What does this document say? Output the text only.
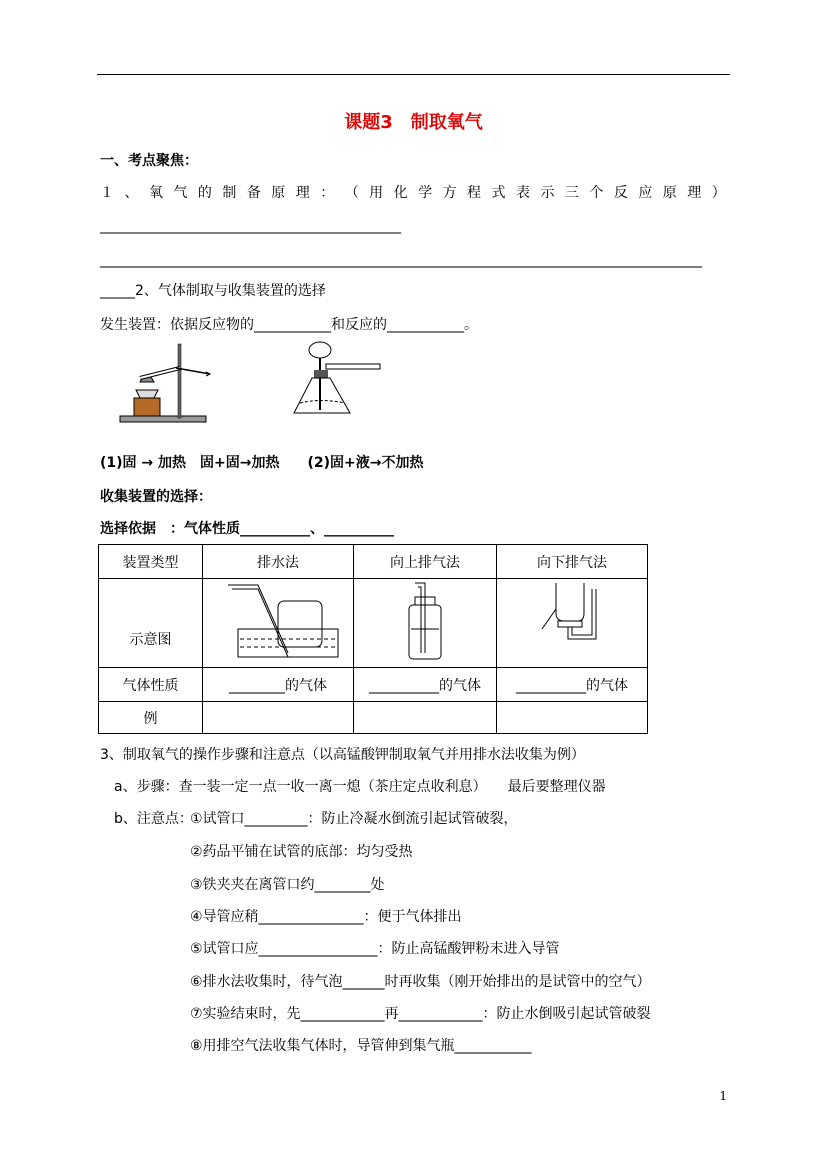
课题3　制取氧气
一、考点聚焦：
１ 、 氧 气 的 制 备 原 理 ： （ 用 化 学 方 程 式 表 示 三 个 反 应 原 理 ）
___________________________________________
______________________________________________________________________________________
_____2、气体制取与收集装置的选择
发生装置：依据反应物的___________和反应的___________。
(1)固 → 加热　固+固→加热　　(2)固+液→不加热
收集装置的选择：
选择依据　：气体性质__________、__________
装置类型	排水法	向上排气法	向下排气法
示意图			
气体性质	________的气体	__________的气体	__________的气体
例			
3、制取氧气的操作步骤和注意点（以高锰酸钾制取氧气并用排水法收集为例）
a、步骤：查一装一定一点一收一离一熄（茶庄定点收利息）　　最后要整理仪器
b、注意点：
①试管口_________：防止冷凝水倒流引起试管破裂，
②药品平铺在试管的底部：均匀受热
③铁夹夹在离管口约________处
④导管应稍_______________：便于气体排出
⑤试管口应_________________：防止高锰酸钾粉末进入导管
⑥排水法收集时，待气泡______时再收集（刚开始排出的是试管中的空气）
⑦实验结束时，先____________再____________：防止水倒吸引起试管破裂
⑧用排空气法收集气体时，导管伸到集气瓶___________
1
